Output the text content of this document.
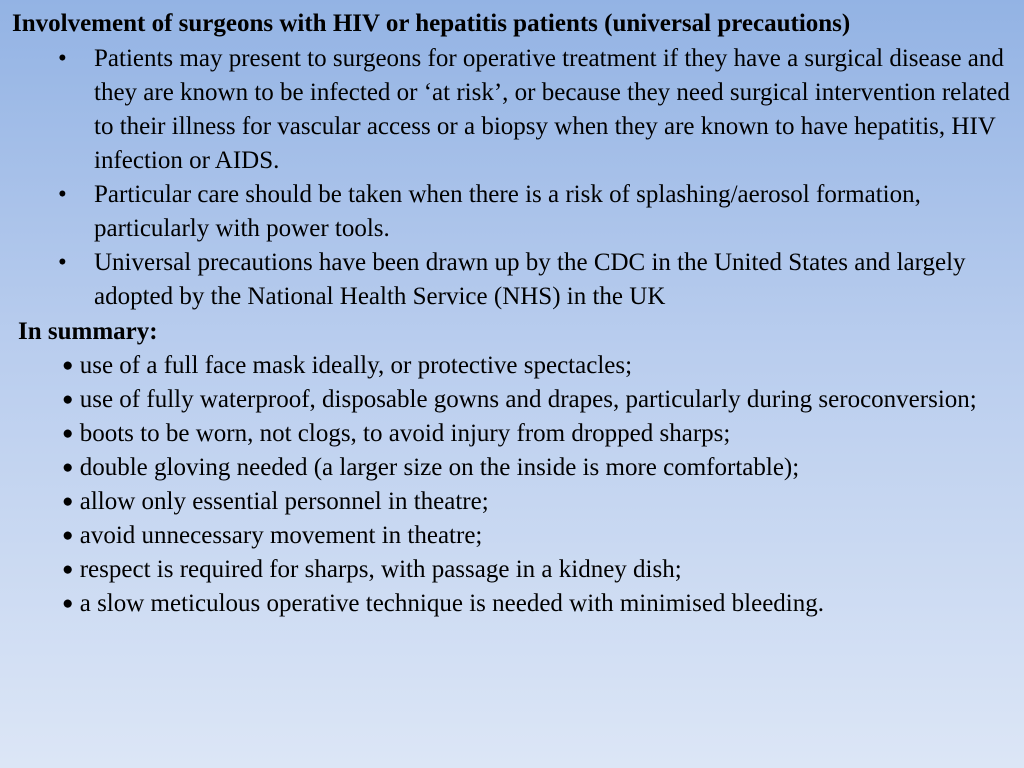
Involvement of surgeons with HIV or hepatitis patients (universal precautions)
•	Patients may present to surgeons for operative treatment if they have a surgical disease and they are known to be infected or ‘at risk’, or because they need surgical intervention related to their illness for vascular access or a biopsy when they are known to have hepatitis, HIV infection or AIDS.
•	Particular care should be taken when there is a risk of splashing/aerosol formation, particularly with power tools.
•	Universal precautions have been drawn up by the CDC in the United States and largely adopted by the National Health Service (NHS) in the UK
In summary:
● use of a full face mask ideally, or protective spectacles;
● use of fully waterproof, disposable gowns and drapes, particularly during seroconversion;
● boots to be worn, not clogs, to avoid injury from dropped sharps;
● double gloving needed (a larger size on the inside is more comfortable);
● allow only essential personnel in theatre;
● avoid unnecessary movement in theatre;
● respect is required for sharps, with passage in a kidney dish;
● a slow meticulous operative technique is needed with minimised bleeding.
